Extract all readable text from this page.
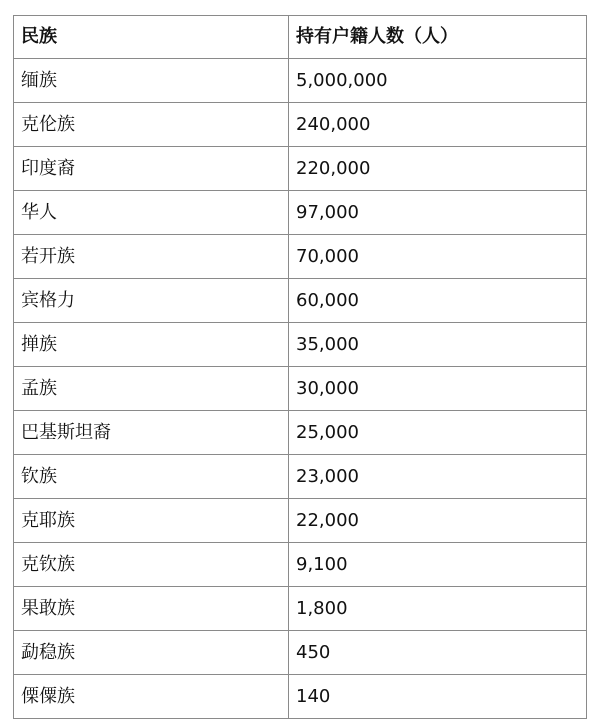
民族	持有户籍人数（人）
缅族	5,000,000
克伦族	240,000
印度裔	220,000
华人	97,000
若开族	70,000
宾格力	60,000
掸族	35,000
孟族	30,000
巴基斯坦裔	25,000
钦族	23,000
克耶族	22,000
克钦族	9,100
果敢族	1,800
勐稳族	450
傈僳族	140
